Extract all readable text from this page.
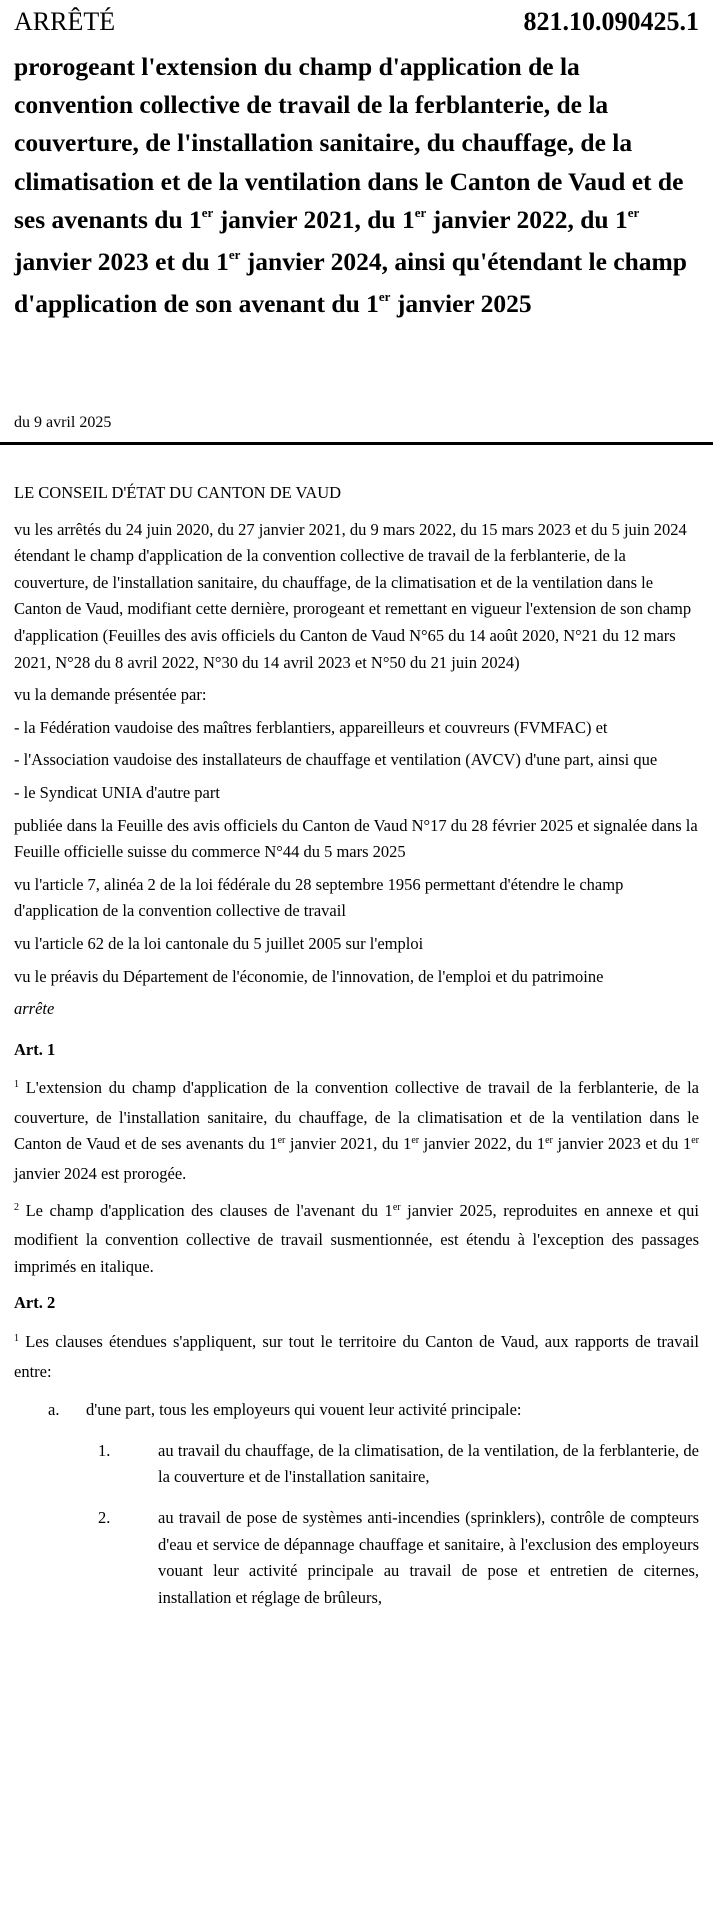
ARRÊTÉ	821.10.090425.1
prorogeant l'extension du champ d'application de la convention collective de travail de la ferblanterie, de la couverture, de l'installation sanitaire, du chauffage, de la climatisation et de la ventilation dans le Canton de Vaud et de ses avenants du 1er janvier 2021, du 1er janvier 2022, du 1er janvier 2023 et du 1er janvier 2024, ainsi qu'étendant le champ d'application de son avenant du 1er janvier 2025
du 9 avril 2025

LE CONSEIL D'ÉTAT DU CANTON DE VAUD

vu les arrêtés du 24 juin 2020, du 27 janvier 2021, du 9 mars 2022, du 15 mars 2023 et du 5 juin 2024 étendant le champ d'application de la convention collective de travail de la ferblanterie, de la couverture, de l'installation sanitaire, du chauffage, de la climatisation et de la ventilation dans le Canton de Vaud, modifiant cette dernière, prorogeant et remettant en vigueur l'extension de son champ d'application (Feuilles des avis officiels du Canton de Vaud N°65 du 14 août 2020, N°21 du 12 mars 2021, N°28 du 8 avril 2022, N°30 du 14 avril 2023 et N°50 du 21 juin 2024)

vu la demande présentée par:

- la Fédération vaudoise des maîtres ferblantiers, appareilleurs et couvreurs (FVMFAC) et

- l'Association vaudoise des installateurs de chauffage et ventilation (AVCV) d'une part, ainsi que

- le Syndicat UNIA d'autre part

publiée dans la Feuille des avis officiels du Canton de Vaud N°17 du 28 février 2025 et signalée dans la Feuille officielle suisse du commerce N°44 du 5 mars 2025

vu l'article 7, alinéa 2 de la loi fédérale du 28 septembre 1956 permettant d'étendre le champ d'application de la convention collective de travail

vu l'article 62 de la loi cantonale du 5 juillet 2005 sur l'emploi

vu le préavis du Département de l'économie, de l'innovation, de l'emploi et du patrimoine

arrête

Art. 1

$^1$ L'extension du champ d'application de la convention collective de travail de la ferblanterie, de la couverture, de l'installation sanitaire, du chauffage, de la climatisation et de la ventilation dans le Canton de Vaud et de ses avenants du 1er janvier 2021, du 1er janvier 2022, du 1er janvier 2023 et du 1er janvier 2024 est prorogée.

$^2$ Le champ d'application des clauses de l'avenant du 1er janvier 2025, reproduites en annexe et qui modifient la convention collective de travail susmentionnée, est étendu à l'exception des passages imprimés en italique.

Art. 2

$^1$ Les clauses étendues s'appliquent, sur tout le territoire du Canton de Vaud, aux rapports de travail entre:

a.	d'une part, tous les employeurs qui vouent leur activité principale:
1.	au travail du chauffage, de la climatisation, de la ventilation, de la ferblanterie, de la couverture et de l'installation sanitaire,
2.	au travail de pose de systèmes anti-incendies (sprinklers), contrôle de compteurs d'eau et service de dépannage chauffage et sanitaire, à l'exclusion des employeurs vouant leur activité principale au travail de pose et entretien de citernes, installation et réglage de brûleurs,
